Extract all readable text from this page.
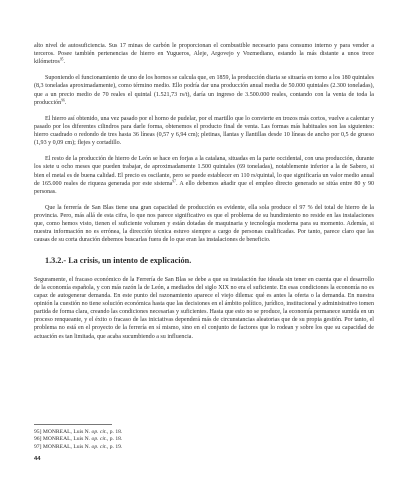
alto nivel de autosuficiencia. Sus 17 minas de carbón le proporcionan el combustible necesario para consumo interno y para vender a terceros. Posee también pertenencias de hierro en Yugueros, Aleje, Argovejo y Vozmediano, estando la más distante a unos trece kilómetros$^{95}$.

Suponiendo el funcionamiento de uno de los hornos se calcula que, en 1859, la producción diaria se situaría en torno a los 180 quintales (8,3 toneladas aproximadamente), como término medio. Ello podría dar una producción anual media de 50.000 quintales (2.300 toneladas), que a un precio medio de 70 reales el quintal (1.521,73 rs/t), daría un ingreso de 3.500.000 reales, contando con la venta de toda la producción$^{96}$.

El hierro así obtenido, una vez pasado por el horno de pudelar, por el martillo que lo convierte en trozos más cortos, vuelve a calentar y pasado por los diferentes cilindros para darle forma, obtenemos el producto final de venta. Las formas más habituales son las siguientes: hierro cuadrado o redondo de tres hasta 36 líneas (0,57 y 6,94 cm); pletinas, llantas y llantillas desde 10 líneas de ancho por 0,5 de grueso (1,93 y 0,09 cm); flejes y cortadillo.

El resto de la producción de hierro de León se hace en forjas a la catalana, situadas en la parte occidental, con una producción, durante los siete u ocho meses que pueden trabajar, de aproximadamente 1.500 quintales (69 toneladas), notablemente inferior a la de Sabero, si bien el metal es de buena calidad. El precio es oscilante, pero se puede establecer en 110 rs/quintal, lo que significaría un valor medio anual de 165.000 reales de riqueza generada por este sistema$^{97}$. A ello debemos añadir que el empleo directo generado se sitúa entre 80 y 90 personas.

Que la ferrería de San Blas tiene una gran capacidad de producción es evidente, ella sola produce el 97 % del total de hierro de la provincia. Pero, más allá de esta cifra, lo que nos parece significativo es que el problema de su hundimiento no reside en las instalaciones que, como hemos visto, tienen el suficiente volumen y están dotadas de maquinaria y tecnología moderna para su momento. Además, si nuestra información no es errónea, la dirección técnica estuvo siempre a cargo de personas cualificadas. Por tanto, parece claro que las causas de su corta duración debemos buscarlas fuera de lo que eran las instalaciones de beneficio.

1.3.2.- La crisis, un intento de explicación.

Seguramente, el fracaso económico de la Ferrería de San Blas se debe a que su instalación fue ideada sin tener en cuenta que el desarrollo de la economía española, y con más razón la de León, a mediados del siglo XIX no era el suficiente. En esas condiciones la economía no es capaz de autogenerar demanda. En este punto del razonamiento aparece el viejo dilema: qué es antes la oferta o la demanda. En nuestra opinión la cuestión no tiene solución económica hasta que las decisiones en el ámbito político, jurídico, institucional y administrativo tomen partida de forma clara, creando las condiciones necesarias y suficientes. Hasta que esto no se produce, la economía permanece sumida en un proceso renqueante, y el éxito o fracaso de las iniciativas dependerá más de circunstancias aleatorias que de su propia gestión. Por tanto, el problema no está en el proyecto de la ferrería en sí mismo, sino en el conjunto de factores que lo rodean y sobre los que su capacidad de actuación es tan limitada, que acaba sucumbiendo a su influencia.

95] MONREAL, Luis N. op. cit., p. 18.
96] MONREAL, Luis N. op. cit., p. 18.
97] MONREAL, Luis N. op. cit., p. 19.
44
